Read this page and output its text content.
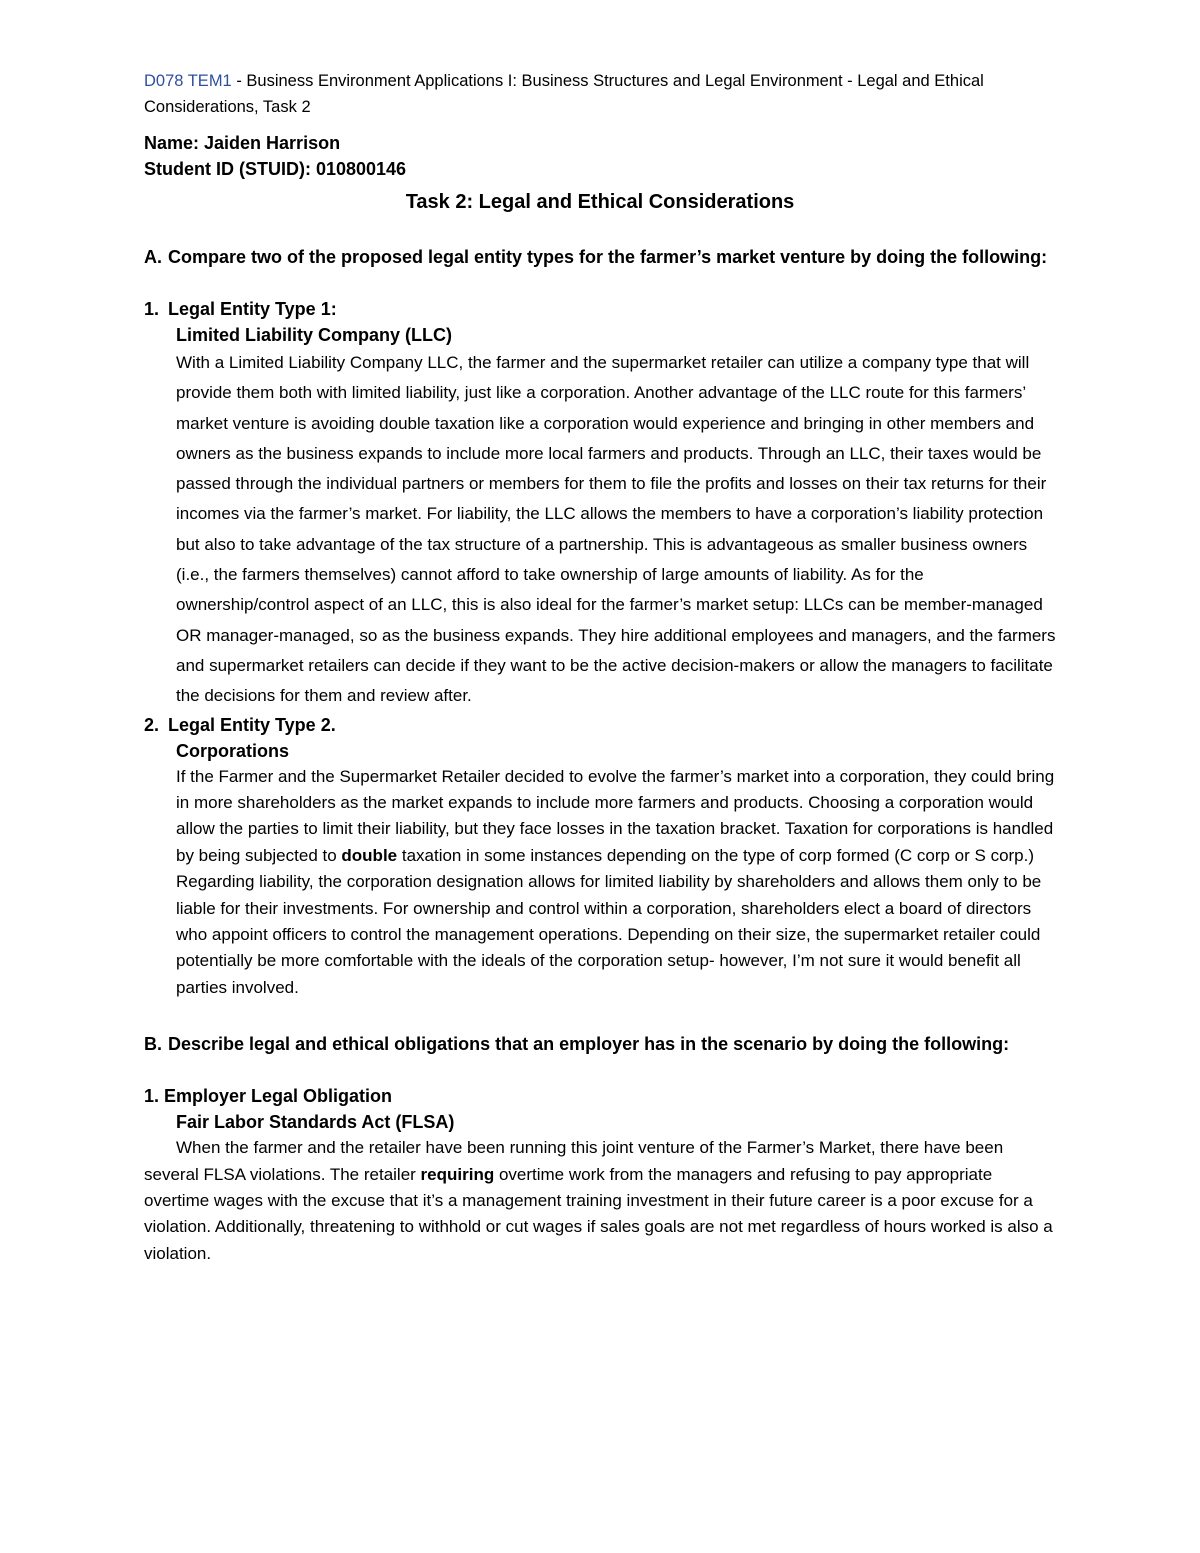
D078 TEM1 - Business Environment Applications I: Business Structures and Legal Environment - Legal and Ethical Considerations, Task 2

Name: Jaiden Harrison

Student ID (STUID): 010800146

Task 2: Legal and Ethical Considerations

A. Compare two of the proposed legal entity types for the farmer’s market venture by doing the following:
1. Legal Entity Type 1:

Limited Liability Company (LLC)

With a Limited Liability Company LLC, the farmer and the supermarket retailer can utilize a company type that will provide them both with limited liability, just like a corporation. Another advantage of the LLC route for this farmers’ market venture is avoiding double taxation like a corporation would experience and bringing in other members and owners as the business expands to include more local farmers and products. Through an LLC, their taxes would be passed through the individual partners or members for them to file the profits and losses on their tax returns for their incomes via the farmer’s market. For liability, the LLC allows the members to have a corporation’s liability protection but also to take advantage of the tax structure of a partnership. This is advantageous as smaller business owners (i.e., the farmers themselves) cannot afford to take ownership of large amounts of liability. As for the ownership/control aspect of an LLC, this is also ideal for the farmer’s market setup: LLCs can be member-managed OR manager-managed, so as the business expands. They hire additional employees and managers, and the farmers and supermarket retailers can decide if they want to be the active decision-makers or allow the managers to facilitate the decisions for them and review after.

2. Legal Entity Type 2.

Corporations

If the Farmer and the Supermarket Retailer decided to evolve the farmer’s market into a corporation, they could bring in more shareholders as the market expands to include more farmers and products. Choosing a corporation would allow the parties to limit their liability, but they face losses in the taxation bracket. Taxation for corporations is handled by being subjected to double taxation in some instances depending on the type of corp formed (C corp or S corp.) Regarding liability, the corporation designation allows for limited liability by shareholders and allows them only to be liable for their investments. For ownership and control within a corporation, shareholders elect a board of directors who appoint officers to control the management operations. Depending on their size, the supermarket retailer could potentially be more comfortable with the ideals of the corporation setup- however, I’m not sure it would benefit all parties involved.

B. Describe legal and ethical obligations that an employer has in the scenario by doing the following:

1. Employer Legal Obligation

Fair Labor Standards Act (FLSA)

When the farmer and the retailer have been running this joint venture of the Farmer’s Market, there have been several FLSA violations. The retailer requiring overtime work from the managers and refusing to pay appropriate overtime wages with the excuse that it’s a management training investment in their future career is a poor excuse for a violation. Additionally, threatening to withhold or cut wages if sales goals are not met regardless of hours worked is also a violation.
